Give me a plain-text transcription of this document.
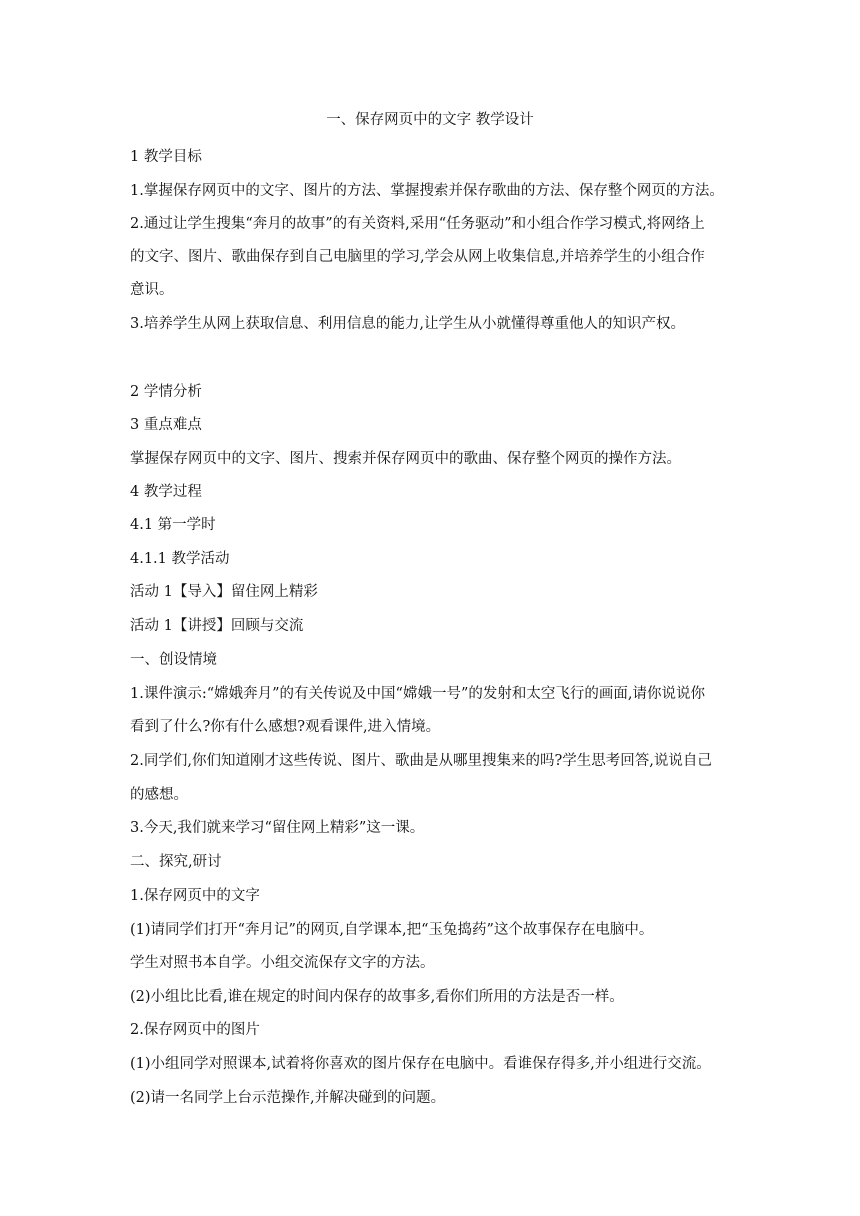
一、保存网页中的文字 教学设计

1 教学目标

1.掌握保存网页中的文字、图片的方法、掌握搜索并保存歌曲的方法、保存整个网页的方法。

2.通过让学生搜集“奔月的故事”的有关资料,采用“任务驱动”和小组合作学习模式,将网络上

的文字、图片、歌曲保存到自己电脑里的学习,学会从网上收集信息,并培养学生的小组合作

意识。

3.培养学生从网上获取信息、利用信息的能力,让学生从小就懂得尊重他人的知识产权。

2 学情分析

3 重点难点

掌握保存网页中的文字、图片、搜索并保存网页中的歌曲、保存整个网页的操作方法。

4 教学过程

4.1 第一学时

4.1.1 教学活动

活动 1【导入】留住网上精彩

活动 1【讲授】回顾与交流

一、创设情境

1.课件演示:“嫦娥奔月”的有关传说及中国“嫦娥一号”的发射和太空飞行的画面,请你说说你

看到了什么?你有什么感想?观看课件,进入情境。

2.同学们,你们知道刚才这些传说、图片、歌曲是从哪里搜集来的吗?学生思考回答,说说自己

的感想。

3.今天,我们就来学习“留住网上精彩”这一课。

二、探究,研讨

1.保存网页中的文字

(1)请同学们打开“奔月记”的网页,自学课本,把“玉兔捣药”这个故事保存在电脑中。

学生对照书本自学。小组交流保存文字的方法。

(2)小组比比看,谁在规定的时间内保存的故事多,看你们所用的方法是否一样。

2.保存网页中的图片

(1)小组同学对照课本,试着将你喜欢的图片保存在电脑中。看谁保存得多,并小组进行交流。

(2)请一名同学上台示范操作,并解决碰到的问题。
